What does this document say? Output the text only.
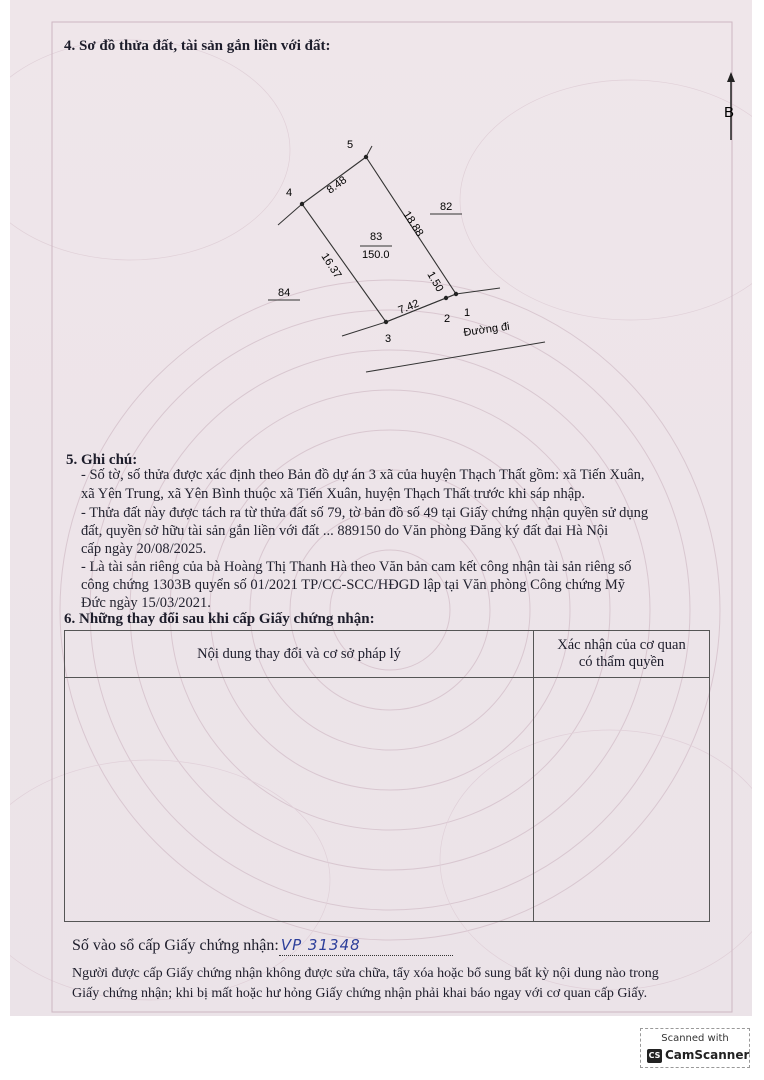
4. Sơ đồ thửa đất, tài sản gắn liền với đất:
B
5
4
3
2 1
8.48
18.88
16.37
7.42
1.50
83
150.0
82
84
Đường đi
5. Ghi chú:
- Số tờ, số thửa được xác định theo Bản đồ dự án 3 xã của huyện Thạch Thất gồm: xã Tiến Xuân,
xã Yên Trung, xã Yên Bình thuộc xã Tiến Xuân, huyện Thạch Thất trước khi sáp nhập.
- Thửa đất này được tách ra từ thửa đất số 79, tờ bản đồ số 49 tại Giấy chứng nhận quyền sử dụng
đất, quyền sở hữu tài sản gắn liền với đất ... 889150 do Văn phòng Đăng ký đất đai Hà Nội
cấp ngày 20/08/2025.
- Là tài sản riêng của bà Hoàng Thị Thanh Hà theo Văn bản cam kết công nhận tài sản riêng số
công chứng 1303B quyển số 01/2021 TP/CC-SCC/HĐGD lập tại Văn phòng Công chứng Mỹ
Đức ngày 15/03/2021.
6. Những thay đổi sau khi cấp Giấy chứng nhận:
Nội dung thay đổi và cơ sở pháp lý	Xác nhận của cơ quan
có thẩm quyền

Số vào sổ cấp Giấy chứng nhận: VP 31348
Người được cấp Giấy chứng nhận không được sửa chữa, tẩy xóa hoặc bổ sung bất kỳ nội dung nào trong
Giấy chứng nhận; khi bị mất hoặc hư hỏng Giấy chứng nhận phải khai báo ngay với cơ quan cấp Giấy.
Scanned with
CS CamScanner
